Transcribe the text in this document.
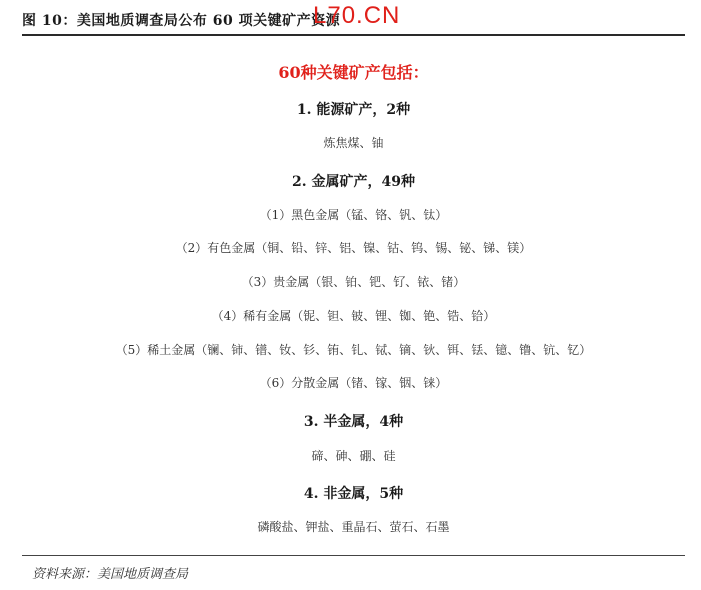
图 10：美国地质调查局公布 60 项关键矿产资源
L70.CN
60种关键矿产包括：
1. 能源矿产，2种
炼焦煤、铀
2. 金属矿产，49种
（1）黑色金属（锰、铬、钒、钛）
（2）有色金属（铜、铅、锌、铝、镍、钴、钨、锡、铋、锑、镁）
（3）贵金属（银、铂、钯、钌、铱、锗）
（4）稀有金属（铌、钽、铍、锂、铷、铯、锆、铪）
（5）稀土金属（镧、铈、镨、钕、钐、铕、钆、铽、镝、钬、铒、铥、镱、镥、钪、钇）
（6）分散金属（锗、镓、铟、铼）
3. 半金属，4种
碲、砷、硼、硅
4. 非金属，5种
磷酸盐、钾盐、重晶石、萤石、石墨
资料来源：美国地质调查局
